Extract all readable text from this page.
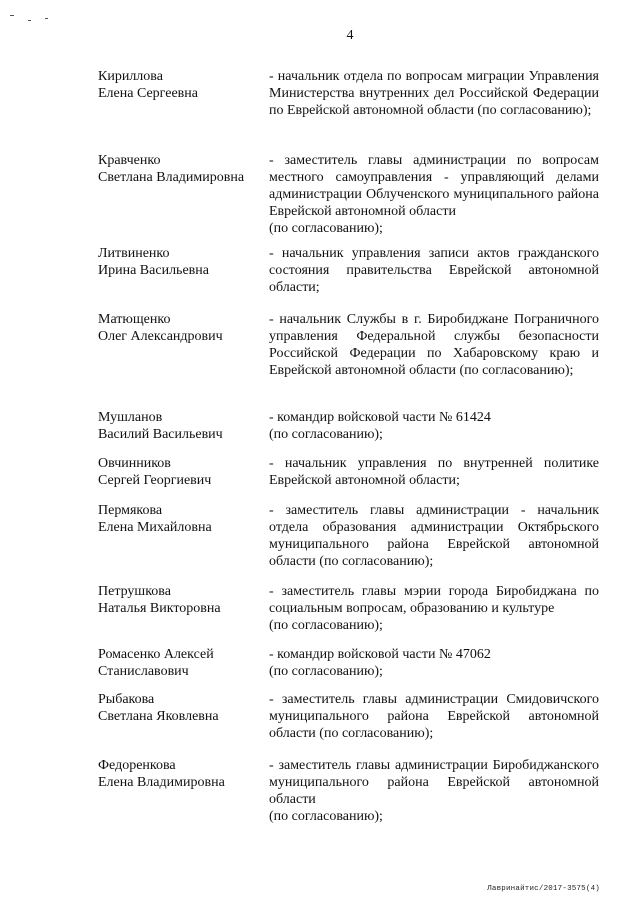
4
Кириллова
Елена Сергеевна
- начальник отдела по вопросам миграции Управления Министерства внутренних дел Российской Федерации по Еврейской автономной области (по согласованию);
Кравченко
Светлана Владимировна
- заместитель главы администрации по вопросам местного самоуправления - управляющий делами администрации Облученского муниципального района Еврейской автономной области
(по согласованию);
Литвиненко
Ирина Васильевна
- начальник управления записи актов гражданского состояния правительства Еврейской автономной области;
Матющенко
Олег Александрович
- начальник Службы в г. Биробиджане Пограничного управления Федеральной службы безопасности Российской Федерации по Хабаровскому краю и Еврейской автономной области (по согласованию);
Мушланов
Василий Васильевич
- командир войсковой части № 61424
(по согласованию);
Овчинников
Сергей Георгиевич
- начальник управления по внутренней политике Еврейской автономной области;
Пермякова
Елена Михайловна
- заместитель главы администрации - начальник отдела образования администрации Октябрьского муниципального района Еврейской автономной области (по согласованию);
Петрушкова
Наталья Викторовна
- заместитель главы мэрии города Биробиджана по социальным вопросам, образованию и культуре
(по согласованию);
Ромасенко Алексей
Станиславович
- командир войсковой части № 47062
(по согласованию);
Рыбакова
Светлана Яковлевна
- заместитель главы администрации Смидовичского муниципального района Еврейской автономной области (по согласованию);
Федоренкова
Елена Владимировна
- заместитель главы администрации Биробиджанского муниципального района Еврейской автономной области
(по согласованию);
Лавринайтис/2017-3575(4)
